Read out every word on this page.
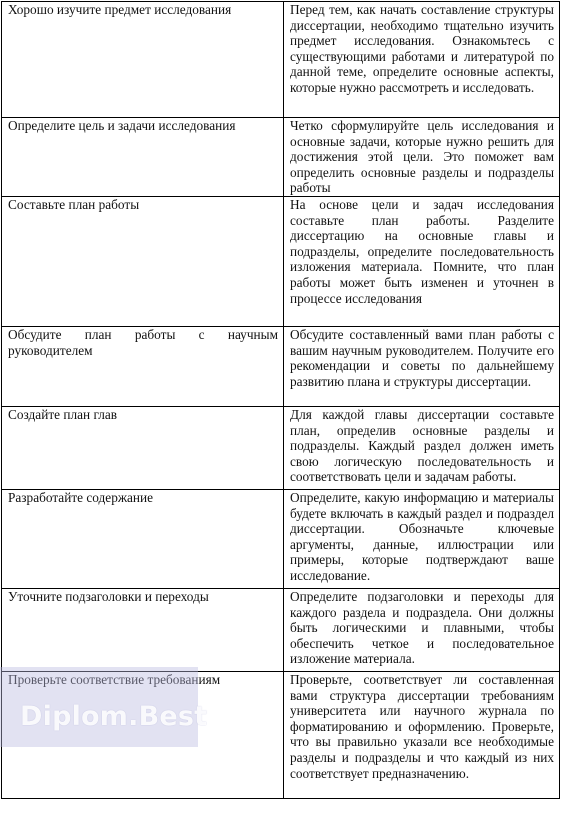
Хорошо изучите предмет исследования	Перед тем, как начать составление структуры диссертации, необходимо тщательно изучить предмет исследования. Ознакомьтесь с существующими работами и литературой по данной теме, определите основные аспекты, которые нужно рассмотреть и исследовать.
Определите цель и задачи исследования	Четко сформулируйте цель исследования и основные задачи, которые нужно решить для достижения этой цели. Это поможет вам определить основные разделы и подразделы работы
Составьте план работы	На основе цели и задач исследования составьте план работы. Разделите диссертацию на основные главы и подразделы, определите последовательность изложения материала. Помните, что план работы может быть изменен и уточнен в процессе исследования
Обсудите план работы с научным руководителем	Обсудите составленный вами план работы с вашим научным руководителем. Получите его рекомендации и советы по дальнейшему развитию плана и структуры диссертации.
Создайте план глав	Для каждой главы диссертации составьте план, определив основные разделы и подразделы. Каждый раздел должен иметь свою логическую последовательность и соответствовать цели и задачам работы.
Разработайте содержание	Определите, какую информацию и материалы будете включать в каждый раздел и подраздел диссертации. Обозначьте ключевые аргументы, данные, иллюстрации или примеры, которые подтверждают ваше исследование.
Уточните подзаголовки и переходы	Определите подзаголовки и переходы для каждого раздела и подраздела. Они должны быть логическими и плавными, чтобы обеспечить четкое и последовательное изложение материала.
Проверьте соответствие требованиям	Проверьте, соответствует ли составленная вами структура диссертации требованиям университета или научного журнала по форматированию и оформлению. Проверьте, что вы правильно указали все необходимые разделы и подразделы и что каждый из них соответствует предназначению.
Diplom.Best
